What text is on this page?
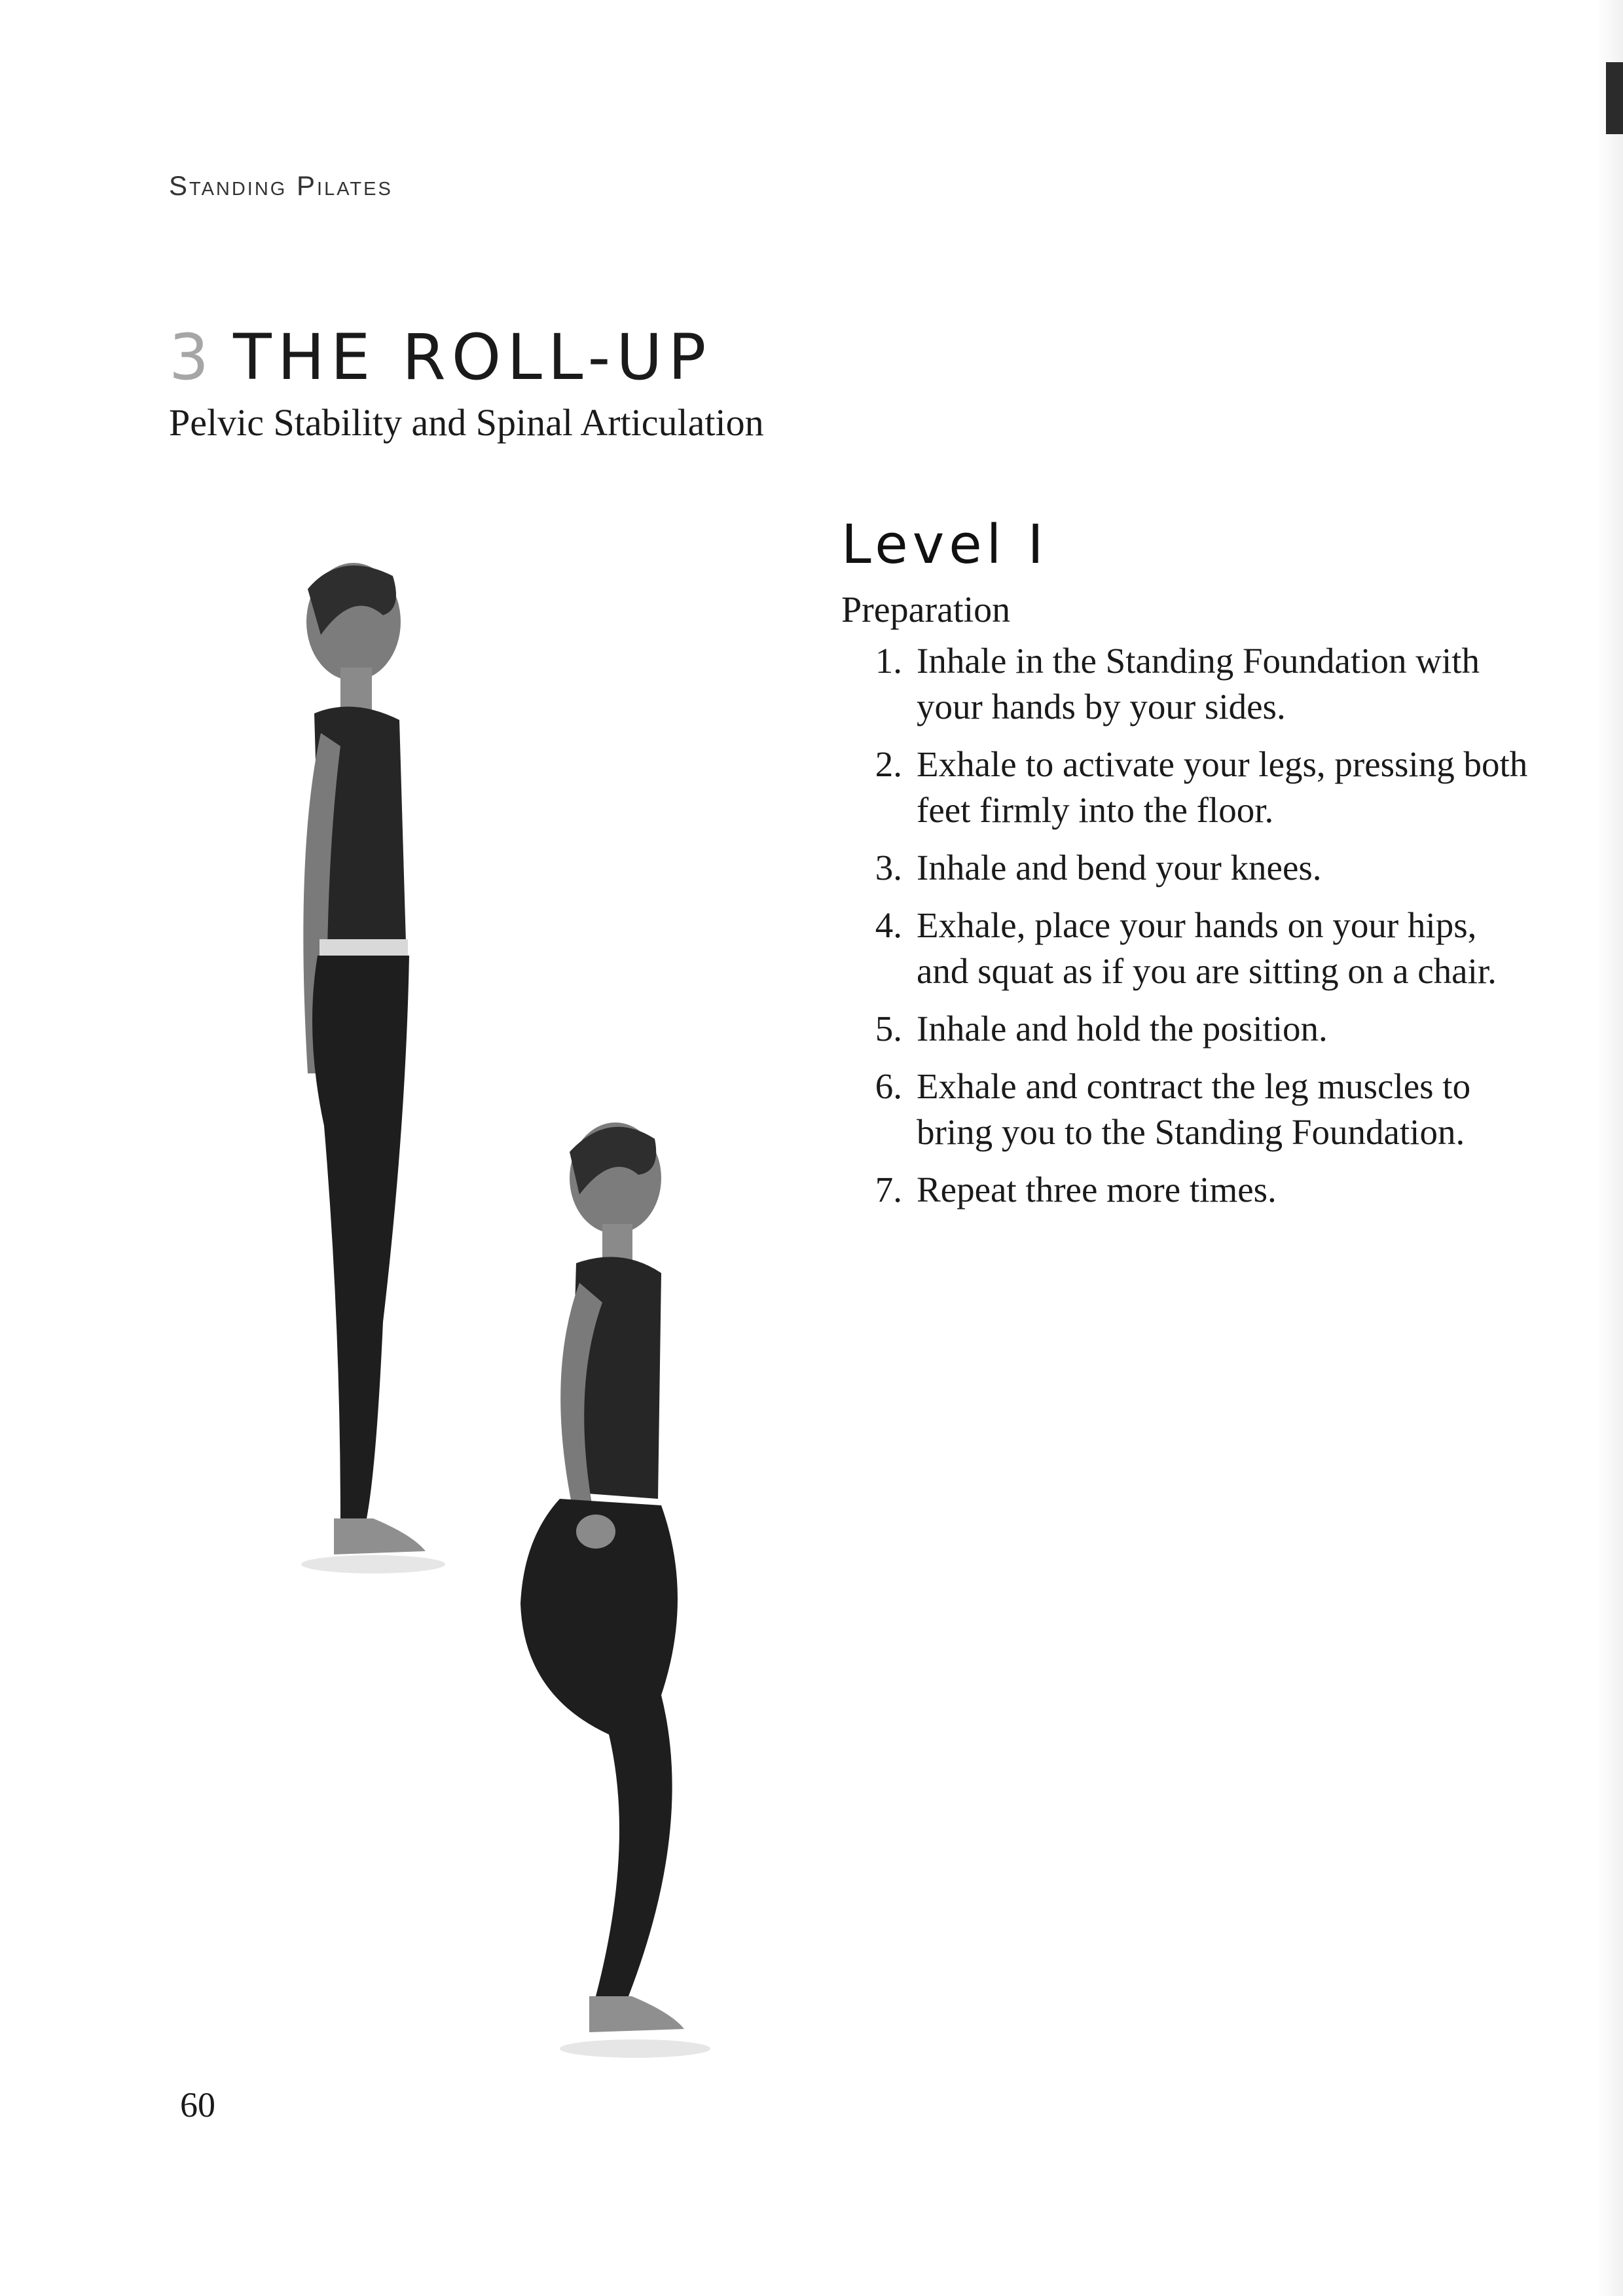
Standing Pilates
3 THE ROLL-UP
Pelvic Stability and Spinal Articulation
Level I
Preparation
1. Inhale in the Standing Foundation with your hands by your sides.
2. Exhale to activate your legs, pressing both feet firmly into the floor.
3. Inhale and bend your knees.
4. Exhale, place your hands on your hips, and squat as if you are sitting on a chair.
5. Inhale and hold the position.
6. Exhale and contract the leg muscles to bring you to the Standing Foundation.
7. Repeat three more times.
60
